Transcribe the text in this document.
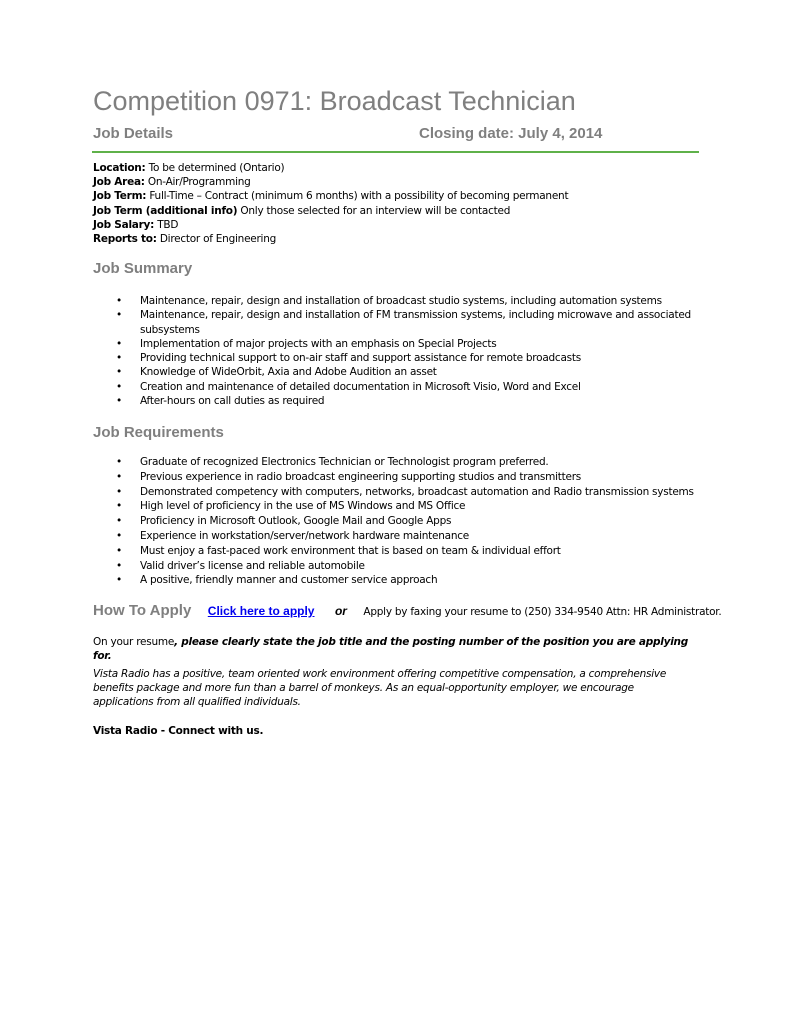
Competition 0971: Broadcast Technician
Job Details	Closing date: July 4, 2014
Location: To be determined (Ontario)
Job Area: On-Air/Programming
Job Term: Full-Time – Contract (minimum 6 months) with a possibility of becoming permanent
Job Term (additional info) Only those selected for an interview will be contacted
Job Salary: TBD
Reports to: Director of Engineering
Job Summary
• Maintenance, repair, design and installation of broadcast studio systems, including automation systems
• Maintenance, repair, design and installation of FM transmission systems, including microwave and associated subsystems
• Implementation of major projects with an emphasis on Special Projects
• Providing technical support to on-air staff and support assistance for remote broadcasts
• Knowledge of WideOrbit, Axia and Adobe Audition an asset
• Creation and maintenance of detailed documentation in Microsoft Visio, Word and Excel
• After-hours on call duties as required
Job Requirements
• Graduate of recognized Electronics Technician or Technologist program preferred.
• Previous experience in radio broadcast engineering supporting studios and transmitters
• Demonstrated competency with computers, networks, broadcast automation and Radio transmission systems
• High level of proficiency in the use of MS Windows and MS Office
• Proficiency in Microsoft Outlook, Google Mail and Google Apps
• Experience in workstation/server/network hardware maintenance
• Must enjoy a fast-paced work environment that is based on team & individual effort
• Valid driver’s license and reliable automobile
• A positive, friendly manner and customer service approach
How To Apply Click here to apply or Apply by faxing your resume to (250) 334-9540 Attn: HR Administrator.
On your resume, please clearly state the job title and the posting number of the position you are applying for.
Vista Radio has a positive, team oriented work environment offering competitive compensation, a comprehensive benefits package and more fun than a barrel of monkeys. As an equal-opportunity employer, we encourage applications from all qualified individuals.
Vista Radio - Connect with us.
